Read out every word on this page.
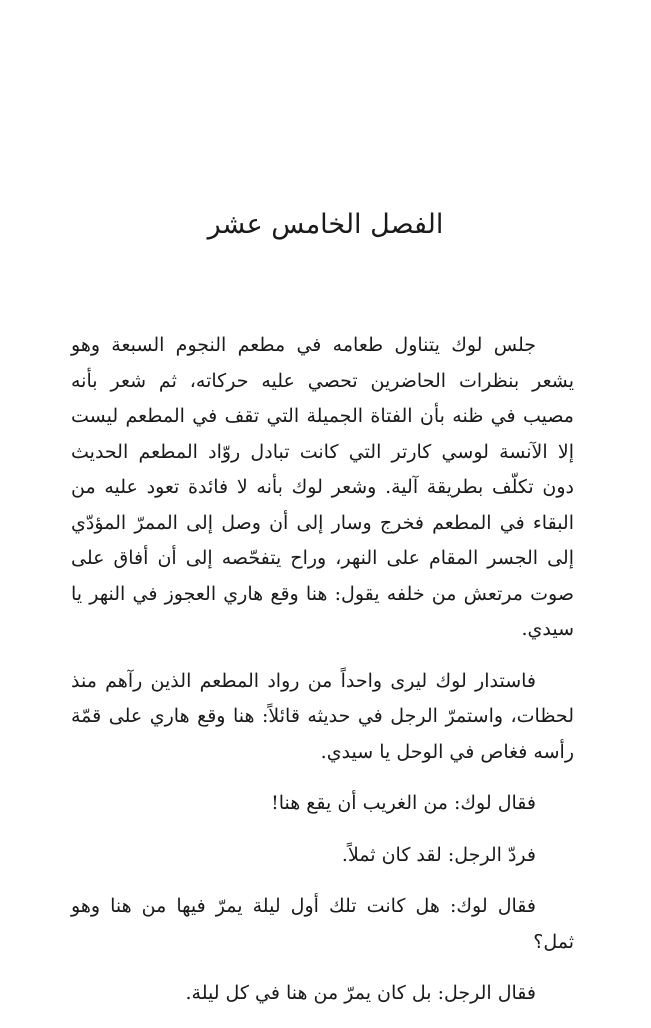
الفصل الخامس عشر

جلس لوك يتناول طعامه في مطعم النجوم السبعة وهو يشعر بنظرات الحاضرين تحصي عليه حركاته، ثم شعر بأنه مصيب في ظنه بأن الفتاة الجميلة التي تقف في المطعم ليست إلا الآنسة لوسي كارتر التي كانت تبادل روّاد المطعم الحديث دون تكلّف بطريقة آلية. وشعر لوك بأنه لا فائدة تعود عليه من البقاء في المطعم فخرج وسار إلى أن وصل إلى الممرّ المؤدّي إلى الجسر المقام على النهر، وراح يتفحّصه إلى أن أفاق على صوت مرتعش من خلفه يقول: هنا وقع هاري العجوز في النهر يا سيدي.

فاستدار لوك ليرى واحداً من رواد المطعم الذين رآهم منذ لحظات، واستمرّ الرجل في حديثه قائلاً: هنا وقع هاري على قمّة رأسه فغاص في الوحل يا سيدي.

فقال لوك: من الغريب أن يقع هنا!

فردّ الرجل: لقد كان ثملاً.

فقال لوك: هل كانت تلك أول ليلة يمرّ فيها من هنا وهو ثمل؟

فقال الرجل: بل كان يمرّ من هنا في كل ليلة.
